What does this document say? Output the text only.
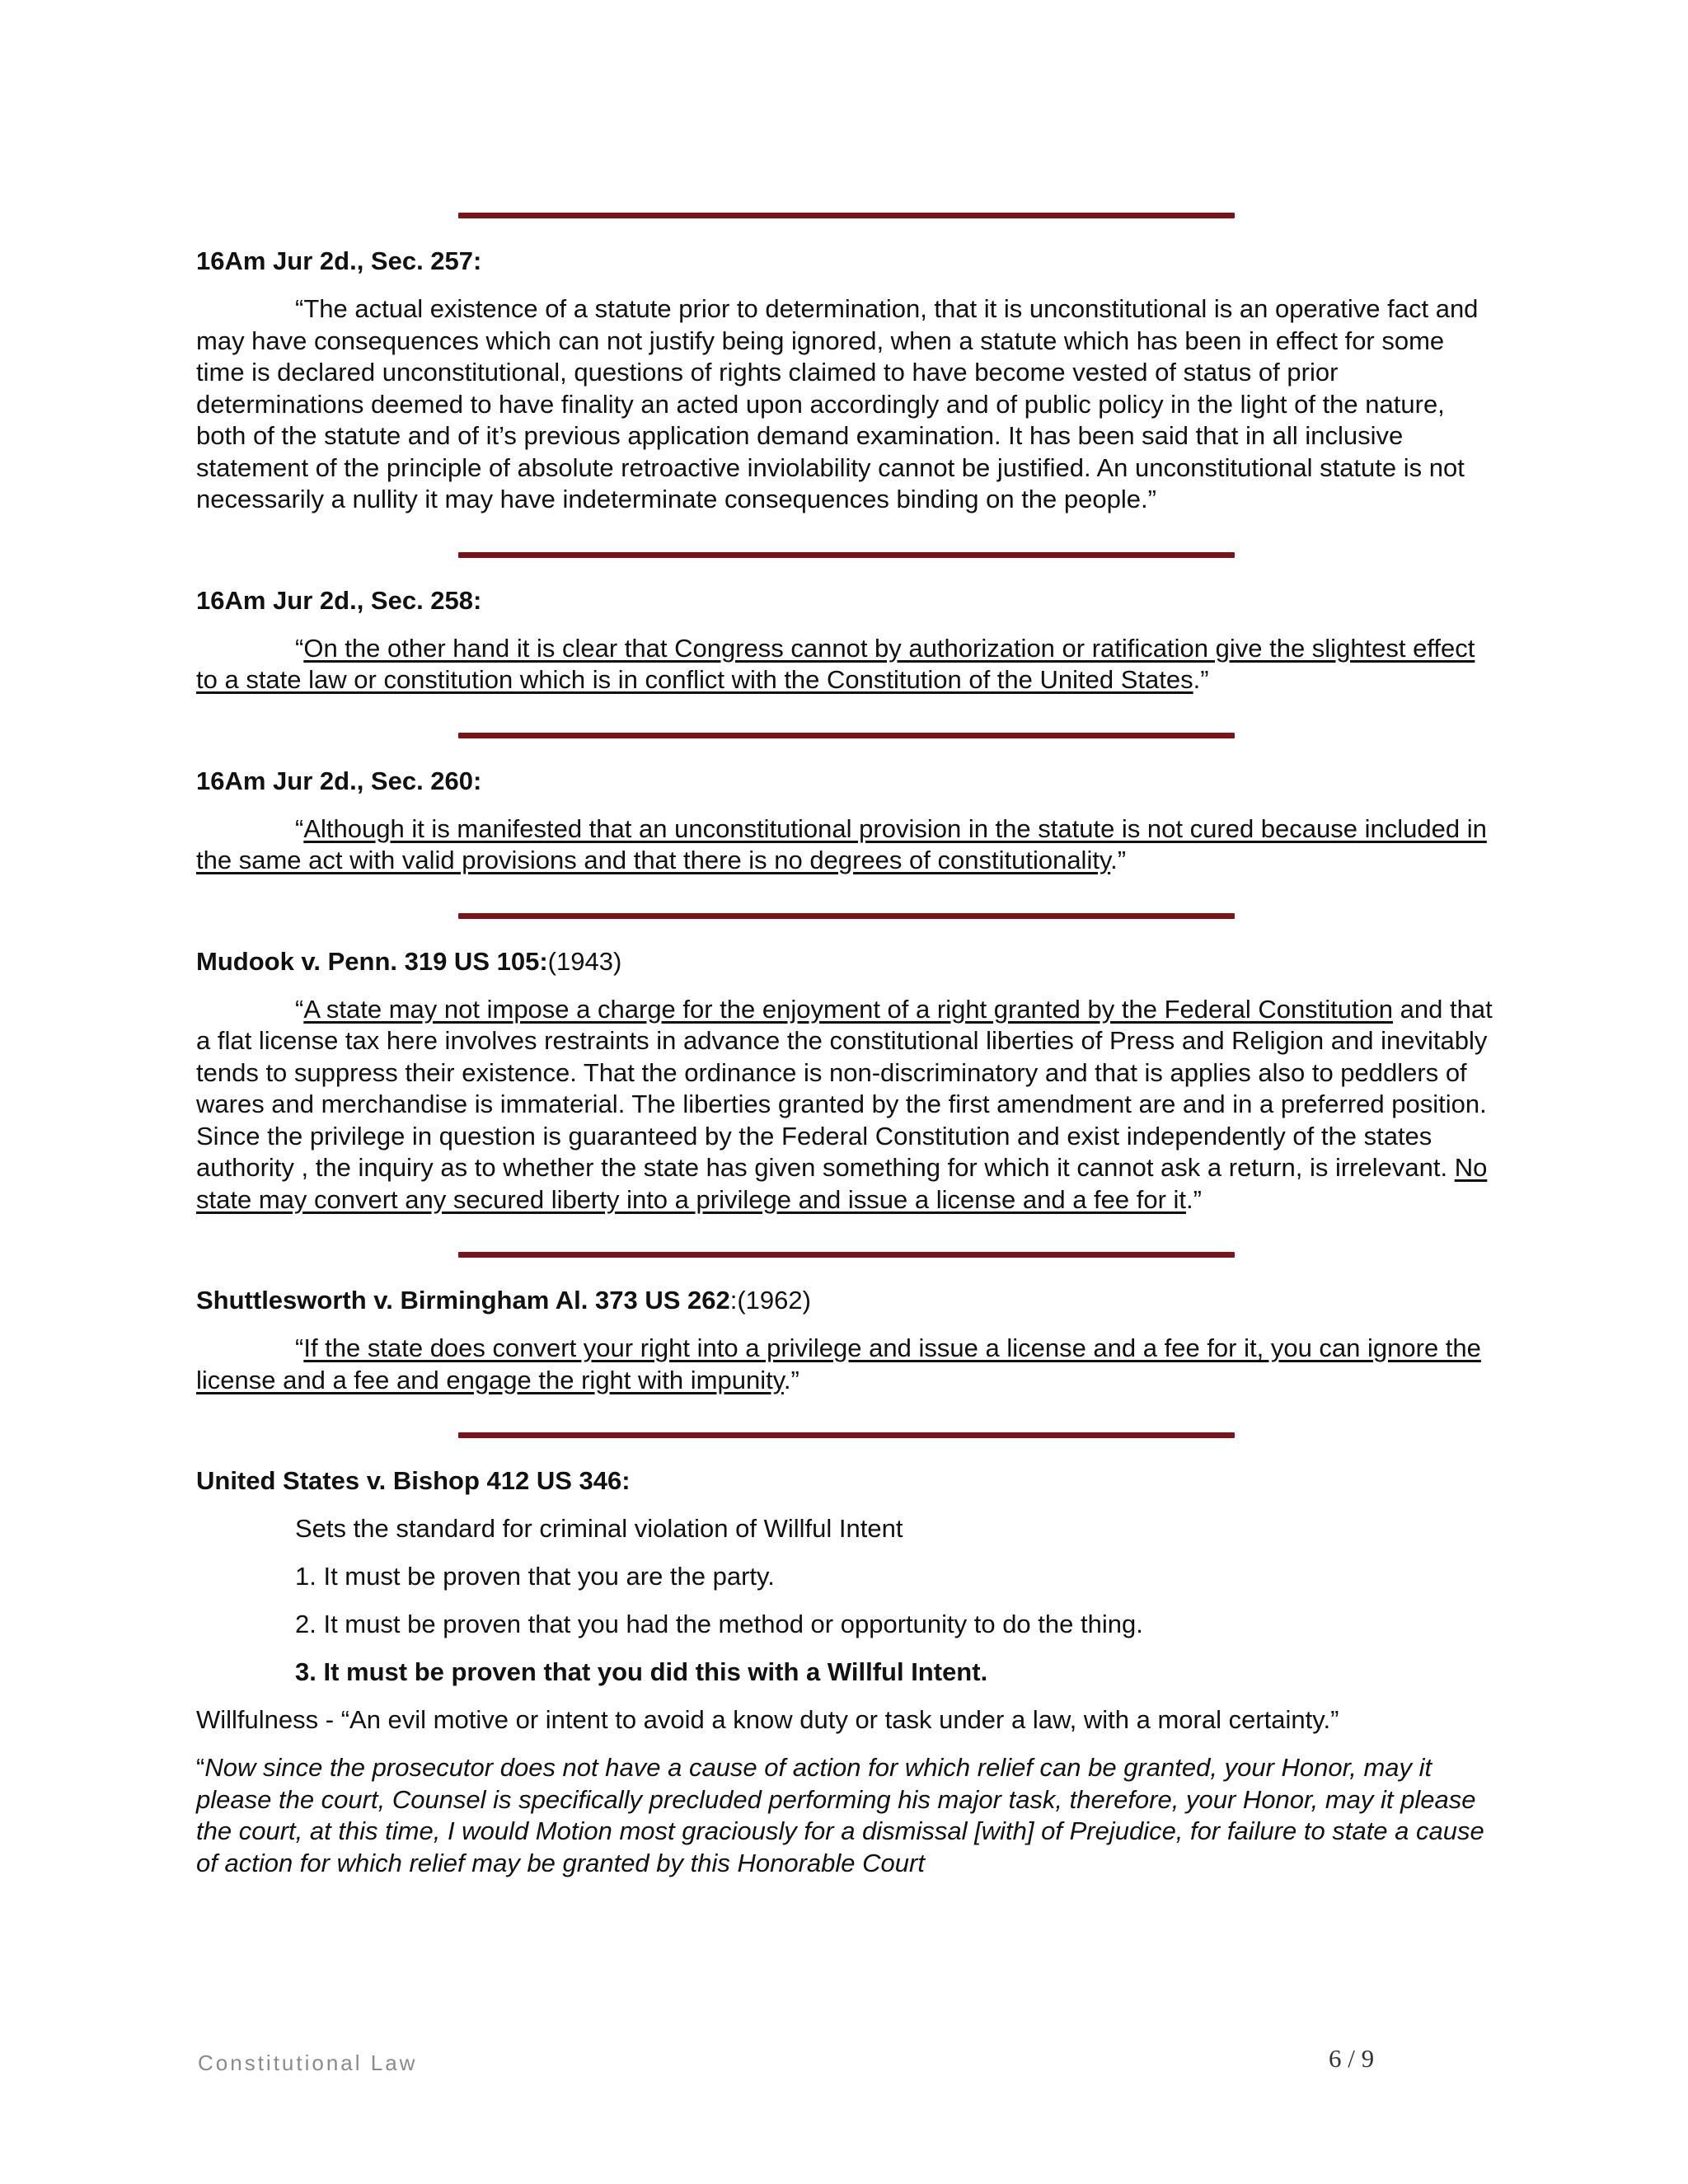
16Am Jur 2d., Sec. 257:
“The actual existence of a statute prior to determination, that it is unconstitutional is an operative fact and may have consequences which can not justify being ignored, when a statute which has been in effect for some time is declared unconstitutional, questions of rights claimed to have become vested of status of prior determinations deemed to have finality an acted upon accordingly and of public policy in the light of the nature, both of the statute and of it’s previous application demand examination. It has been said that in all inclusive statement of the principle of absolute retroactive inviolability cannot be justified. An unconstitutional statute is not necessarily a nullity it may have indeterminate consequences binding on the people.”
16Am Jur 2d., Sec. 258:
“On the other hand it is clear that Congress cannot by authorization or ratification give the slightest effect to a state law or constitution which is in conflict with the Constitution of the United States.”
16Am Jur 2d., Sec. 260:
“Although it is manifested that an unconstitutional provision in the statute is not cured because included in the same act with valid provisions and that there is no degrees of constitutionality.”
Mudook v. Penn. 319 US 105:(1943)
“A state may not impose a charge for the enjoyment of a right granted by the Federal Constitution and that a flat license tax here involves restraints in advance the constitutional liberties of Press and Religion and inevitably tends to suppress their existence. That the ordinance is non-discriminatory and that is applies also to peddlers of wares and merchandise is immaterial. The liberties granted by the first amendment are and in a preferred position. Since the privilege in question is guaranteed by the Federal Constitution and exist independently of the states authority , the inquiry as to whether the state has given something for which it cannot ask a return, is irrelevant. No state may convert any secured liberty into a privilege and issue a license and a fee for it.”
Shuttlesworth v. Birmingham Al. 373 US 262:(1962)
“If the state does convert your right into a privilege and issue a license and a fee for it, you can ignore the license and a fee and engage the right with impunity.”
United States v. Bishop 412 US 346:
Sets the standard for criminal violation of Willful Intent
1. It must be proven that you are the party.
2. It must be proven that you had the method or opportunity to do the thing.
3. It must be proven that you did this with a Willful Intent.
Willfulness - “An evil motive or intent to avoid a know duty or task under a law, with a moral certainty.”
“Now since the prosecutor does not have a cause of action for which relief can be granted, your Honor, may it please the court, Counsel is specifically precluded performing his major task, therefore, your Honor, may it please the court, at this time, I would Motion most graciously for a dismissal [with] of Prejudice, for failure to state a cause of action for which relief may be granted by this Honorable Court
Constitutional Law	6 / 9
